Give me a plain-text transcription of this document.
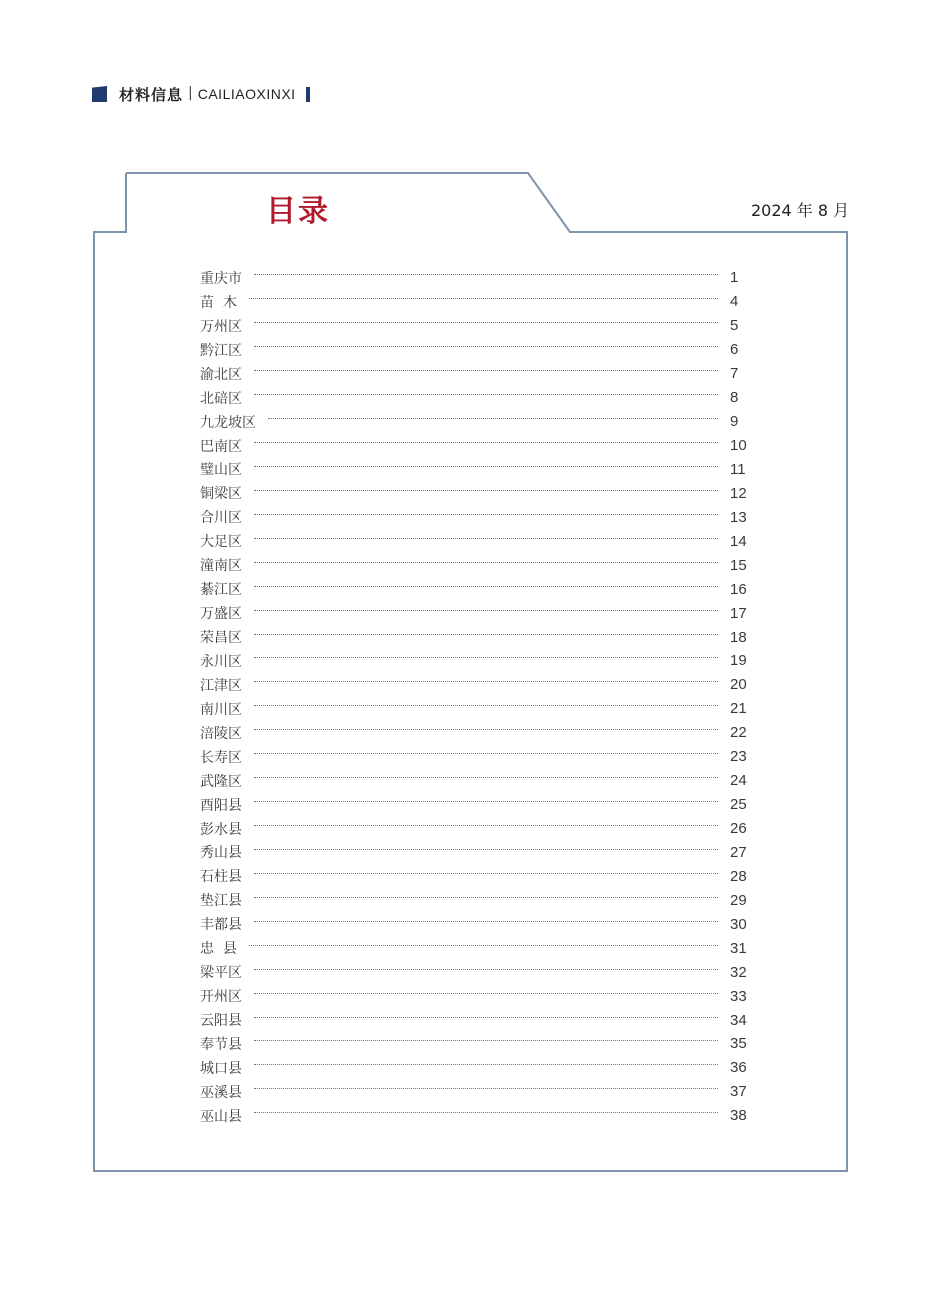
材料信息 | CAILIAOXINXI
目录	2024 年 8 月
重庆市	1
苗  木	4
万州区	5
黔江区	6
渝北区	7
北碚区	8
九龙坡区	9
巴南区	10
璧山区	11
铜梁区	12
合川区	13
大足区	14
潼南区	15
綦江区	16
万盛区	17
荣昌区	18
永川区	19
江津区	20
南川区	21
涪陵区	22
长寿区	23
武隆区	24
酉阳县	25
彭水县	26
秀山县	27
石柱县	28
垫江县	29
丰都县	30
忠  县	31
梁平区	32
开州区	33
云阳县	34
奉节县	35
城口县	36
巫溪县	37
巫山县	38
